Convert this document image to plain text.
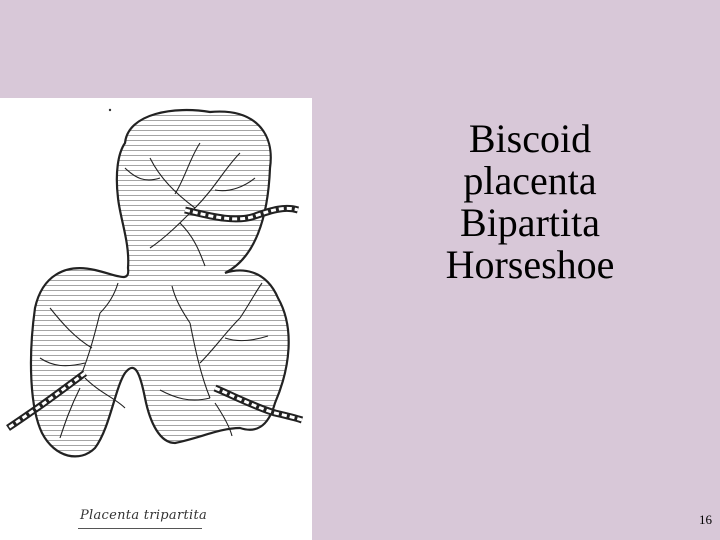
Placenta tripartita
Biscoid
placenta
Bipartita
Horseshoe
16
